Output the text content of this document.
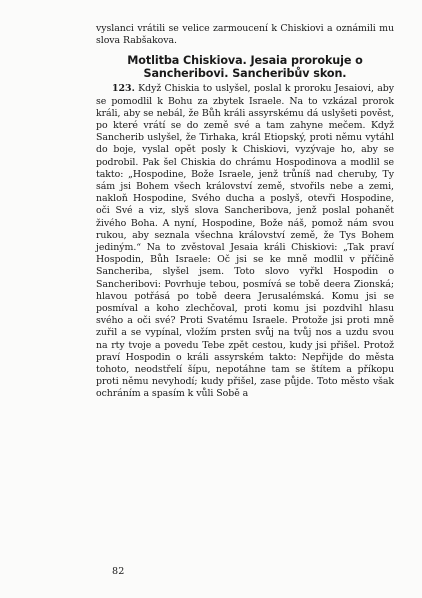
vyslanci vrátili se velice zarmoucení k Chiskiovi a oznámili mu slova Rabšakova.

Motlitba Chiskiova. Jesaia prorokuje o Sancheribovi. Sancheribův skon.

123. Když Chiskia to uslyšel, poslal k proroku Jesaiovi, aby se pomodlil k Bohu za zbytek Israele. Na to vzkázal prorok králi, aby se nebál, že Bůh králi assyrskému dá uslyšeti pověst, po které vrátí se do země své a tam zahyne mečem. Když Sancherib uslyšel, že Tirhaka, král Etiopský, proti němu vytáhl do boje, vyslal opět posly k Chiskiovi, vyzývaje ho, aby se podrobil. Pak šel Chiskia do chrámu Hospodinova a modlil se takto: „Hospodine, Bože Israele, jenž trůníš nad cheruby, Ty sám jsi Bohem všech království země, stvořils nebe a zemi, nakloň Hospodine, Svého ducha a poslyš, otevři Hospodine, oči Své a viz, slyš slova Sancheribova, jenž poslal pohanět živého Boha. A nyní, Hospodine, Bože náš, pomož nám svou rukou, aby seznala všechna království země, že Tys Bohem jediným.“ Na to zvěstoval Jesaia králi Chiskiovi: „Tak praví Hospodin, Bůh Israele: Oč jsi se ke mně modlil v příčině Sancheriba, slyšel jsem. Toto slovo vyřkl Hospodin o Sancheribovi: Povrhuje tebou, posmívá se tobě deera Zionská; hlavou potřásá po tobě deera Jerusalémská. Komu jsi se posmíval a koho zlechčoval, proti komu jsi pozdvihl hlasu svého a oči své? Proti Svatému Israele. Protože jsi proti mně zuřil a se vypínal, vložím prsten svůj na tvůj nos a uzdu svou na rty tvoje a povedu Tebe zpět cestou, kudy jsi přišel. Protož praví Hospodin o králi assyrském takto: Nepřijde do města tohoto, neodstřelí šípu, nepotáhne tam se štítem a příkopu proti němu nevyhodí; kudy přišel, zase půjde. Toto město však ochráním a spasím k vůli Sobě a

82
